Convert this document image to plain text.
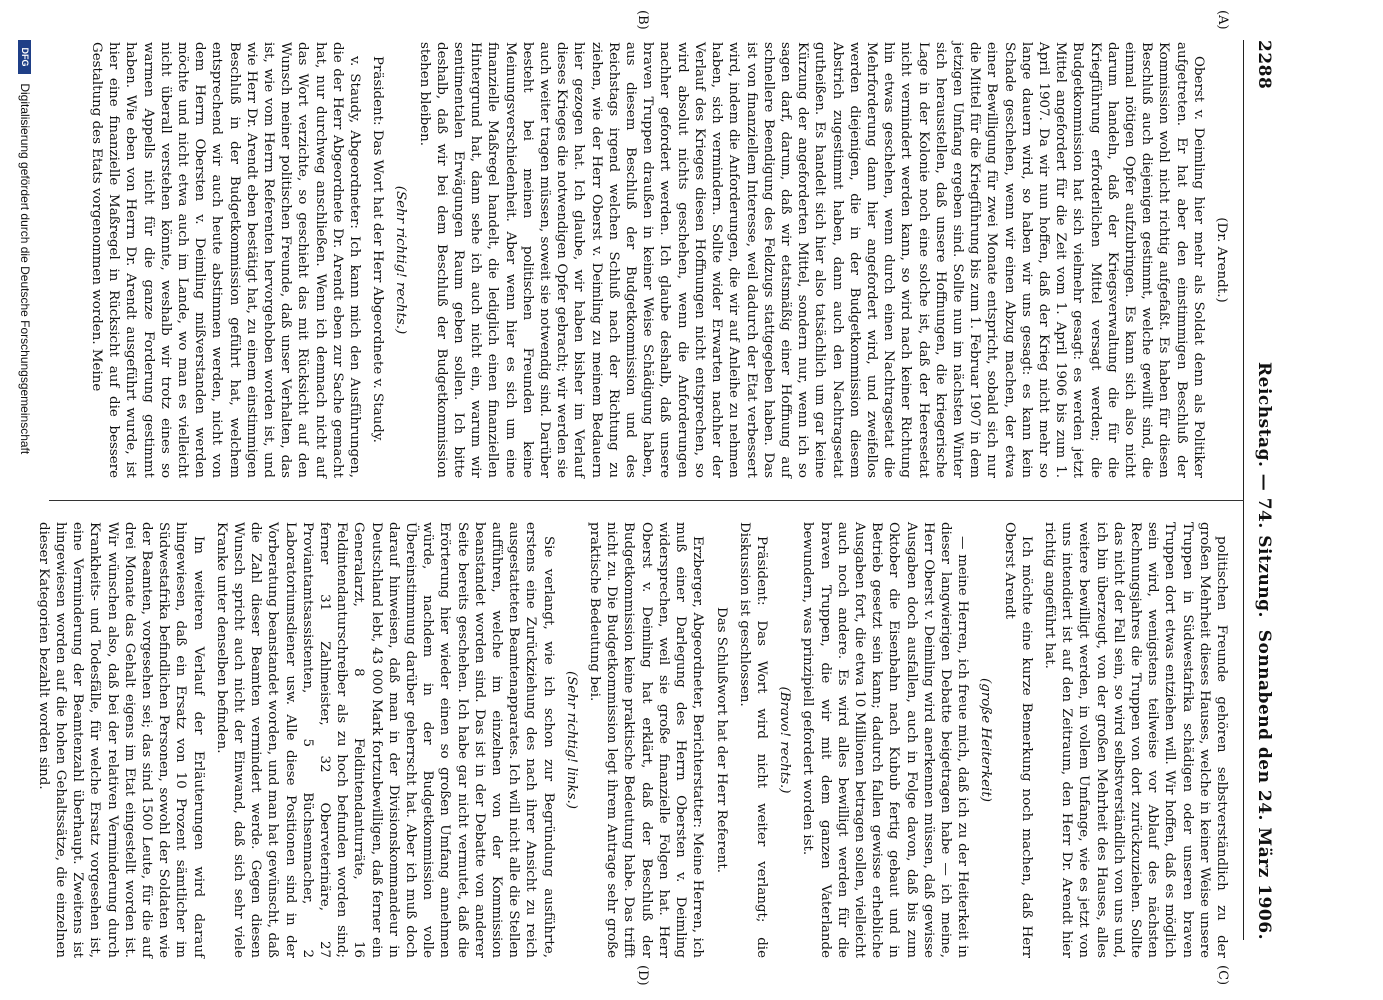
2288
Reichstag. — 74. Sitzung.
Sonnabend den 24. März 1906.
(A)
(B)
(C)
(D)

(Dr. Arendt.)

Oberst v. Deimling hier mehr als Soldat denn als Politiker aufgetreten. Er hat aber den einstimmigen Beschluß der Kommission wohl nicht richtig aufgefaßt. Es haben für diesen Beschluß auch diejenigen gestimmt, welche gewillt sind, die einmal nötigen Opfer aufzubringen. Es kann sich also nicht darum handeln, daß der Kriegsverwaltung die für die Kriegführung erforderlichen Mittel versagt werden; die Budgetkommission hat sich vielmehr gesagt: es werden jetzt Mittel angefordert für die Zeit vom 1. April 1906 bis zum 1. April 1907. Da wir nun hoffen, daß der Krieg nicht mehr so lange dauern wird, so haben wir uns gesagt: es kann kein Schade geschehen, wenn wir einen Abzug machen, der etwa einer Bewilligung für zwei Monate entspricht, sobald sich nur die Mittel für die Kriegführung bis zum 1. Februar 1907 in dem jetzigen Umfang ergeben sind. Sollte nun im nächsten Winter sich herausstellen, daß unsere Hoffnungen, die kriegerische Lage in der Kolonie noch eine solche ist, daß der Heeresetat nicht vermindert werden kann, so wird nach keiner Richtung hin etwas geschehen, wenn durch einen Nachtragsetat die Mehrforderung dann hier angefordert wird, und zweifellos werden diejenigen, die in der Budgetkommission diesem Abstrich zugestimmt haben, dann auch den Nachtragsetat gutheißen. Es handelt sich hier also tatsächlich um gar keine Kürzung der angeforderten Mittel, sondern nur, wenn ich so sagen darf, darum, daß wir etatsmäßig einer Hoffnung auf schnellere Beendigung des Feldzugs stattgegeben haben. Das ist von finanziellem Interesse, weil dadurch der Etat verbessert wird, indem die Anforderungen, die wir auf Anleihe zu nehmen haben, sich vermindern. Sollte wider Erwarten nachher der Verlauf des Krieges diesen Hoffnungen nicht entsprechen, so wird absolut nichts geschehen, wenn die Anforderungen nachher gefordert werden. Ich glaube deshalb, daß unsere braven Truppen draußen in keiner Weise Schädigung haben, aus diesem Beschluß der Budgetkommission und des Reichstags irgend welchen Schluß nach der Richtung zu ziehen, wie der Herr Oberst v. Deimling zu meinem Bedauern hier gezogen hat. Ich glaube, wir haben bisher im Verlauf dieses Krieges die notwendigen Opfer gebracht; wir werden sie auch weiter tragen müssen, soweit sie notwendig sind. Darüber besteht bei meinen politischen Freunden keine Meinungsverschiedenheit. Aber wenn hier es sich um eine finanzielle Maßregel handelt, die lediglich einen finanziellen Hintergrund hat, dann sehe ich auch nicht ein, warum wir sentimentalen Erwägungen Raum geben sollen. Ich bitte deshalb, daß wir bei dem Beschluß der Budgetkommission stehen bleiben.

(Sehr richtig! rechts.)

Präsident: Das Wort hat der Herr Abgeordnete v. Staudy.

v. Staudy, Abgeordneter: Ich kann mich den Ausführungen, die der Herr Abgeordnete Dr. Arendt eben zur Sache gemacht hat, nur durchweg anschließen. Wenn ich demnach nicht auf das Wort verzichte, so geschieht das mit Rücksicht auf den Wunsch meiner politischen Freunde, daß unser Verhalten, das ist, wie vom Herrn Referenten hervorgehoben worden ist, und wie Herr Dr. Arendt eben bestätigt hat, zu einem einstimmigen Beschluß in der Budgetkommission geführt hat, welchem entsprechend wir auch heute abstimmen werden, nicht von dem Herrn Obersten v. Deimling mißverstanden werden möchte und nicht etwa auch im Lande, wo man es vielleicht nicht überall verstehen könnte, weshalb wir trotz eines so warmen Appells nicht für die ganze Forderung gestimmt haben. Wie eben von Herrn Dr. Arendt ausgeführt wurde, ist hier eine finanzielle Maßregel in Rücksicht auf die bessere Gestaltung des Etats vorgenommen worden. Meine

politischen Freunde gehören selbstverständlich zu der großen Mehrheit dieses Hauses, welche in keiner Weise unsere Truppen in Südwestafrika schädigen oder unseren braven Truppen dort etwas entziehen will. Wir hoffen, daß es möglich sein wird, wenigstens teilweise vor Ablauf des nächsten Rechnungsjahres die Truppen von dort zurückzuziehen. Sollte das nicht der Fall sein, so wird selbstverständlich von uns und, ich bin überzeugt, von der großen Mehrheit des Hauses, alles weitere bewilligt werden, in vollem Umfange, wie es jetzt von uns intendiert ist auf den Zeitraum, den Herr Dr. Arendt hier richtig angeführt hat.

Ich möchte eine kurze Bemerkung noch machen, daß Herr Oberst Arendt

(große Heiterkeit)

— meine Herren, ich freue mich, daß ich zu der Heiterkeit in dieser langwierigen Debatte beigetragen habe — ich meine, Herr Oberst v. Deimling wird anerkennen müssen, daß gewisse Ausgaben doch ausfallen, auch in Folge davon, daß bis zum Oktober die Eisenbahn nach Kubub fertig gebaut und in Betrieb gesetzt sein kann; dadurch fallen gewisse erhebliche Ausgaben fort, die etwa 10 Millionen betragen sollen, vielleicht auch noch andere. Es wird alles bewilligt werden für die braven Truppen, die wir mit dem ganzen Vaterlande bewundern, was prinzipiell gefordert worden ist.

(Bravo! rechts.)

Präsident: Das Wort wird nicht weiter verlangt; die Diskussion ist geschlossen.

Das Schlußwort hat der Herr Referent.

Erzberger, Abgeordneter, Berichterstatter: Meine Herren, ich muß einer Darlegung des Herrn Obersten v. Deimling widersprechen, weil sie große finanzielle Folgen hat. Herr Oberst v. Deimling hat erklärt, daß der Beschluß der Budgetkommission keine praktische Bedeutung habe. Das trifft nicht zu. Die Budgetkommission legt ihrem Antrage sehr große praktische Bedeutung bei.

(Sehr richtig! links.)

Sie verlangt, wie ich schon zur Begründung ausführte, erstens eine Zurückziehung des nach ihrer Ansicht zu reich ausgestatteten Beamtenapparates. Ich will nicht alle die Stellen aufführen, welche im einzelnen von der Kommission beanstandet worden sind. Das ist in der Debatte von anderer Seite bereits geschehen. Ich habe gar nicht vermutet, daß die Erörterung hier wieder einen so großen Umfang annehmen würde, nachdem in der Budgetkommission volle Übereinstimmung darüber geherrscht hat. Aber ich muß doch darauf hinweisen, daß man in der Divisionskommandeur in Deutschland lebt, 43 000 Mark fortzubewilligen, daß ferner ein Generalarzt, 8 Feldintendanturräte, 16 Feldintendanturschreiber als zu hoch befunden worden sind; ferner 31 Zahlmeister, 32 Oberveterinäre, 27 Proviantamtsassistenten, 5 Büchsenmacher, 2 Laboratoriumsdiener usw. Alle diese Positionen sind in der Vorberatung beanstandet worden, und man hat gewünscht, daß die Zahl dieser Beamten vermindert werde. Gegen diesen Wunsch spricht auch nicht der Einwand, daß sich sehr viele Kranke unter denselben befinden.

Im weiteren Verlauf der Erläuterungen wird darauf hingewiesen, daß ein Ersatz von 10 Prozent sämtlicher im Südwestafrika befindlichen Personen, sowohl der Soldaten wie der Beamten, vorgesehen sei; das sind 1500 Leute, für die auf drei Monate das Gehalt eigens im Etat eingestellt worden ist. Wir wünschen also, daß bei der relativen Verminderung durch Krankheits- und Todesfälle, für welche Ersatz vorgesehen ist, eine Verminderung der Beamtenzahl überhaupt. Zweitens ist hingewiesen worden auf die hohen Gehaltssätze, die einzelnen dieser Kategorien bezahlt worden sind.

DFG Digitalisierung gefördert durch die Deutsche Forschungsgemeinschaft
